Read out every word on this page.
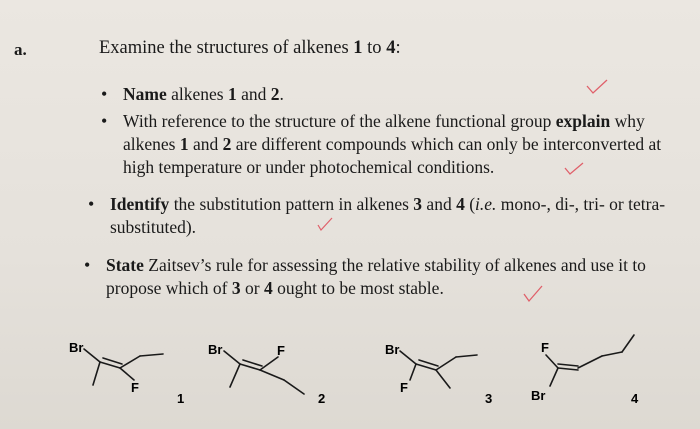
a.	Examine the structures of alkenes 1 to 4:
• Name alkenes 1 and 2.
• With reference to the structure of the alkene functional group explain why alkenes 1 and 2 are different compounds which can only be interconverted at high temperature or under photochemical conditions.
• Identify the substitution pattern in alkenes 3 and 4 (i.e. mono-, di-, tri- or tetra-substituted).
• State Zaitsev’s rule for assessing the relative stability of alkenes and use it to propose which of 3 or 4 ought to be most stable.
Br
F
1
Br	F
2
Br
F
3
F
Br	4
